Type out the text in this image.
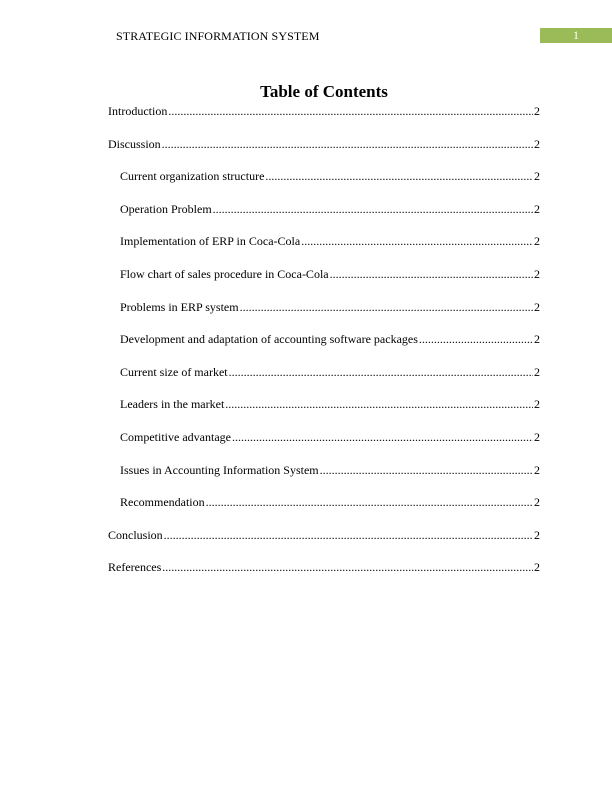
STRATEGIC INFORMATION SYSTEM	1
Table of Contents
Introduction .....	2
Discussion .....	2
Current organization structure .....	2
Operation Problem .....	2
Implementation of ERP in Coca-Cola .....	2
Flow chart of sales procedure in Coca-Cola .....	2
Problems in ERP system .....	2
Development and adaptation of accounting software packages .....	2
Current size of market .....	2
Leaders in the market .....	2
Competitive advantage .....	2
Issues in Accounting Information System .....	2
Recommendation .....	2
Conclusion .....	2
References .....	2
